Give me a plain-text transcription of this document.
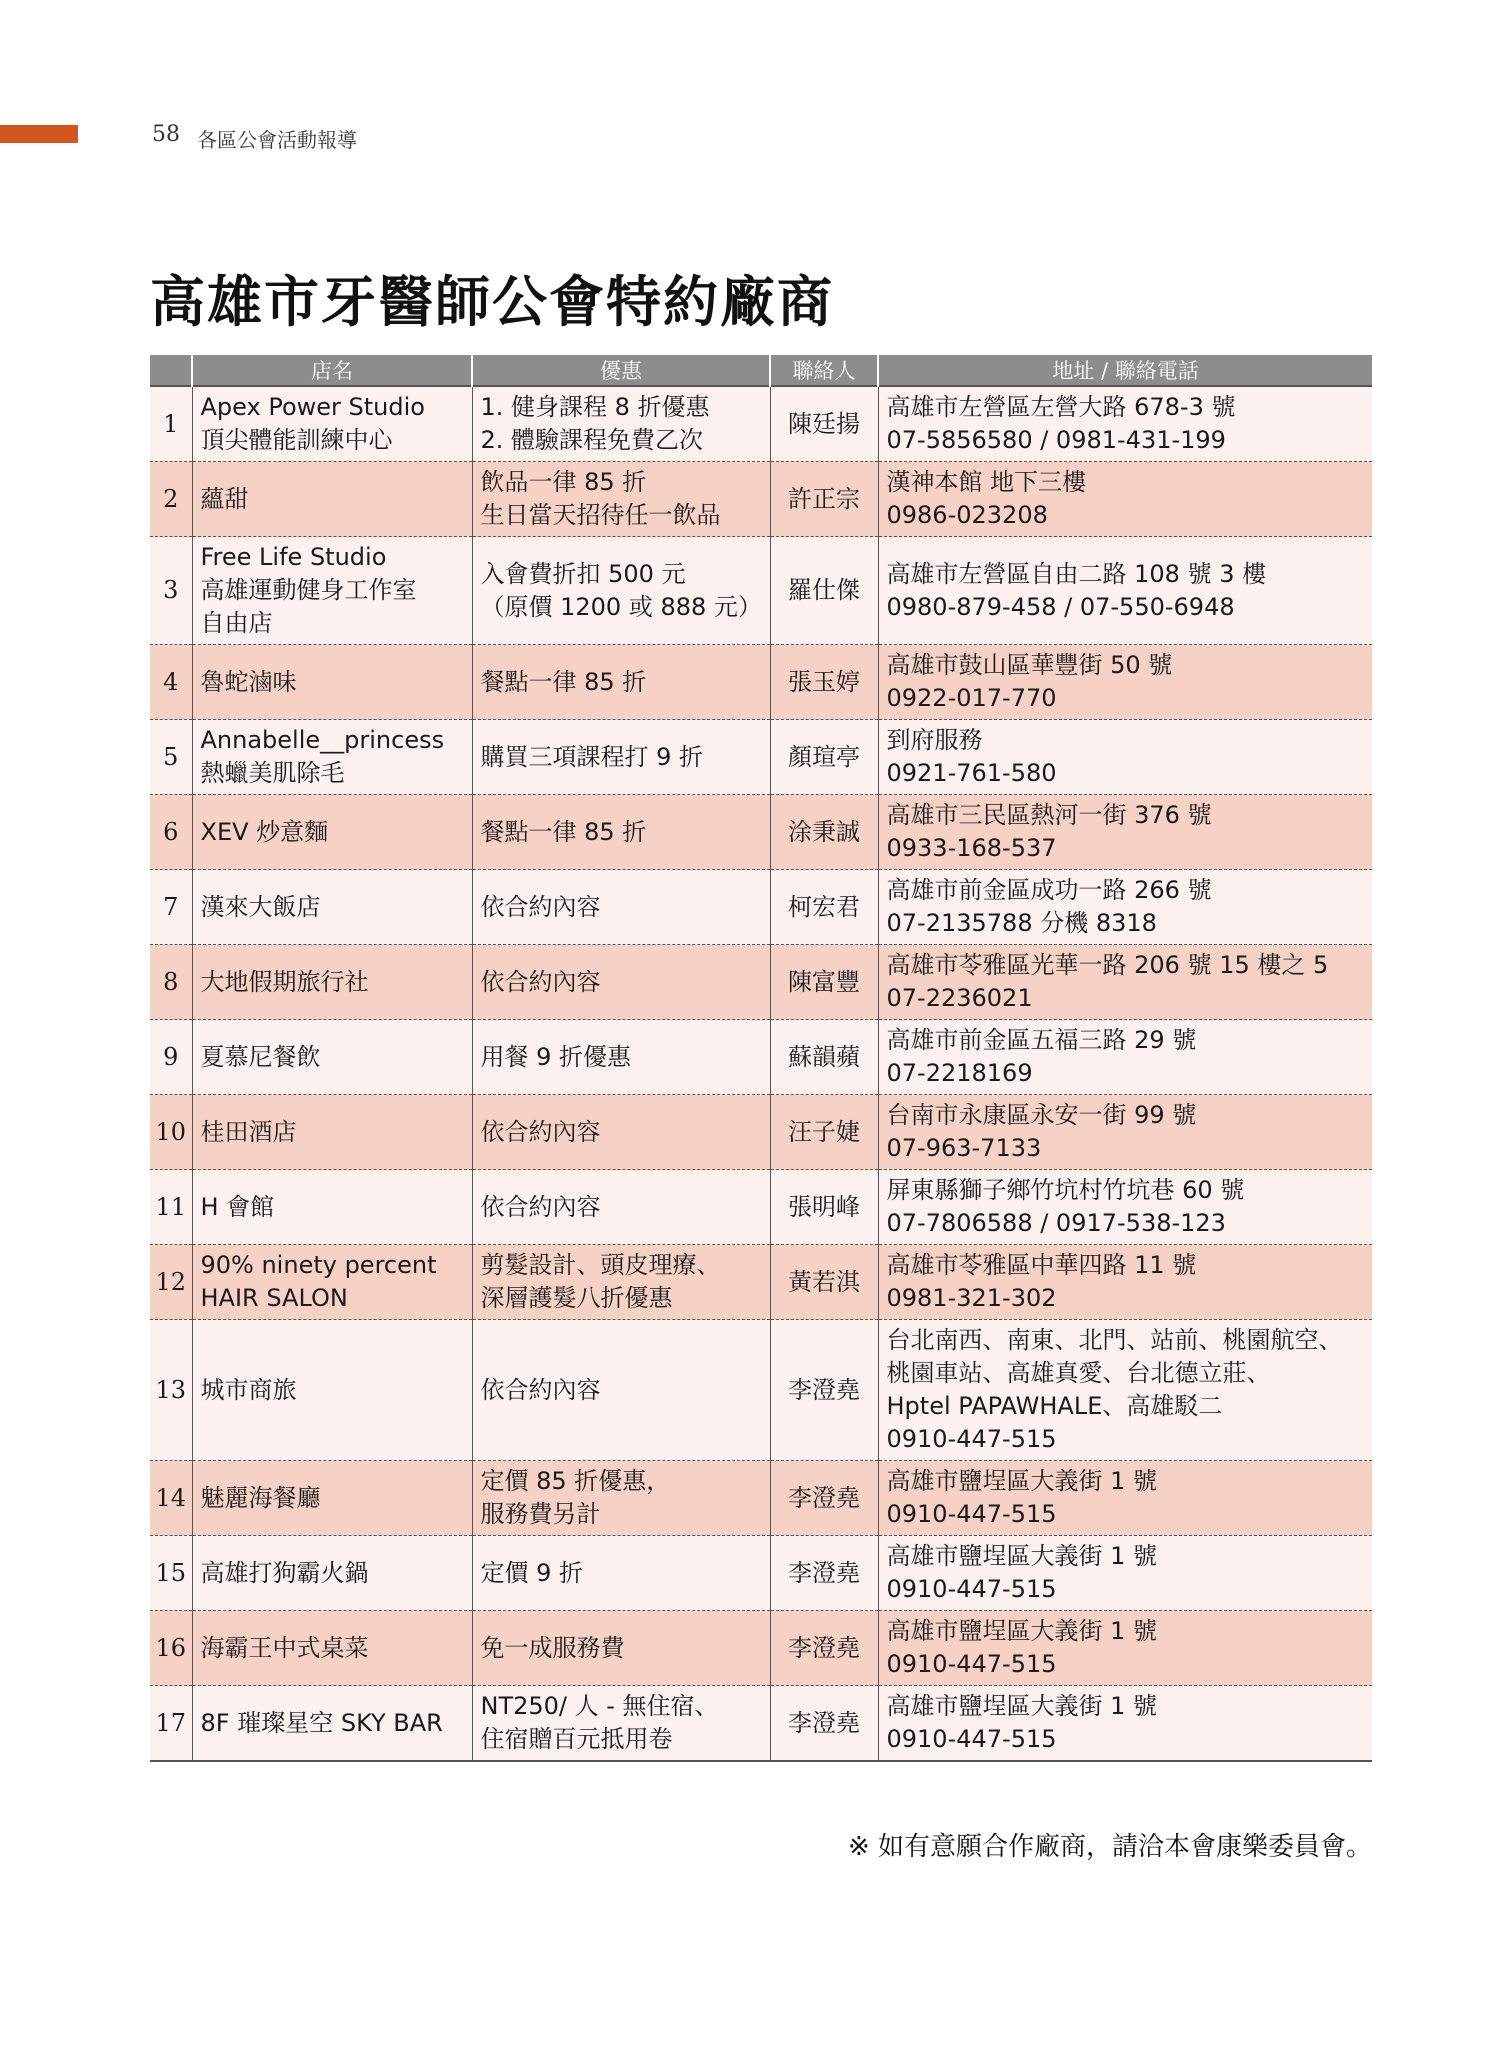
58 各區公會活動報導
高雄市牙醫師公會特約廠商
	店名	優惠	聯絡人	地址 / 聯絡電話
1	Apex Power Studio
頂尖體能訓練中心	1. 健身課程 8 折優惠
2. 體驗課程免費乙次	陳廷揚	高雄市左營區左營大路 678-3 號
07-5856580 / 0981-431-199

2	蘊甜	飲品一律 85 折
生日當天招待任一飲品	許正宗	漢神本館 地下三樓
0986-023208

3	Free Life Studio
高雄運動健身工作室
自由店	入會費折扣 500 元
（原價 1200 或 888 元）	羅仕傑	高雄市左營區自由二路 108 號 3 樓
0980-879-458 / 07-550-6948

4	魯蛇滷味	餐點一律 85 折	張玉婷	高雄市鼓山區華豐街 50 號
0922-017-770

5	Annabelle__princess
熱蠟美肌除毛	購買三項課程打 9 折	顏瑄亭	到府服務
0921-761-580

6	XEV 炒意麵	餐點一律 85 折	涂秉誠	高雄市三民區熱河一街 376 號
0933-168-537

7	漢來大飯店	依合約內容	柯宏君	高雄市前金區成功一路 266 號
07-2135788 分機 8318

8	大地假期旅行社	依合約內容	陳富豐	高雄市苓雅區光華一路 206 號 15 樓之 5
07-2236021

9	夏慕尼餐飲	用餐 9 折優惠	蘇韻蘋	高雄市前金區五福三路 29 號
07-2218169

10	桂田酒店	依合約內容	汪子婕	台南市永康區永安一街 99 號
07-963-7133

11	H 會館	依合約內容	張明峰	屏東縣獅子鄉竹坑村竹坑巷 60 號
07-7806588 / 0917-538-123

12	90% ninety percent
HAIR SALON	剪髮設計、頭皮理療、
深層護髮八折優惠	黃若淇	高雄市苓雅區中華四路 11 號
0981-321-302

13	城市商旅	依合約內容	李澄堯	台北南西、南東、北門、站前、桃園航空、
桃園車站、高雄真愛、台北德立莊、
Hptel PAPAWHALE、高雄駁二
0910-447-515

14	魅麗海餐廳	定價 85 折優惠，
服務費另計	李澄堯	高雄市鹽埕區大義街 1 號
0910-447-515

15	高雄打狗霸火鍋	定價 9 折	李澄堯	高雄市鹽埕區大義街 1 號
0910-447-515

16	海霸王中式桌菜	免一成服務費	李澄堯	高雄市鹽埕區大義街 1 號
0910-447-515

17	8F 璀璨星空 SKY BAR	NT250/ 人 - 無住宿、
住宿贈百元抵用卷	李澄堯	高雄市鹽埕區大義街 1 號
0910-447-515
※ 如有意願合作廠商，請洽本會康樂委員會。
